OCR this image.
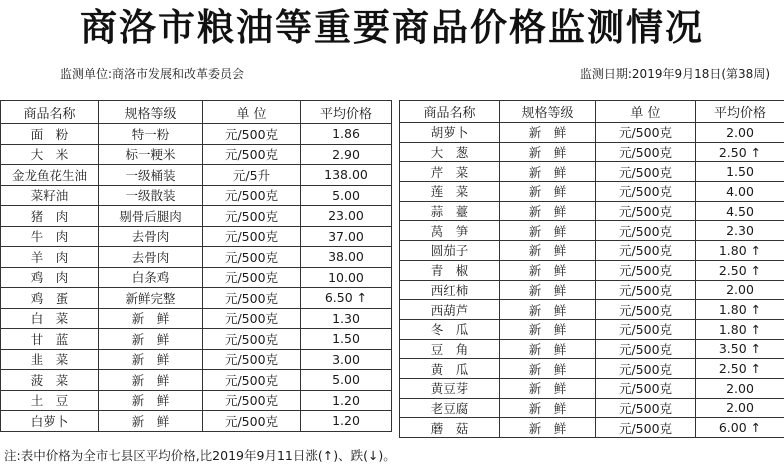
商洛市粮油等重要商品价格监测情况
监测单位:商洛市发展和改革委员会	监测日期:2019年9月18日(第38周)
商品名称	规格等级	单 位	平均价格
面　粉	特一粉	元/500克	1.86
大　米	标一粳米	元/500克	2.90
金龙鱼花生油	一级桶装	元/5升	138.00
菜籽油	一级散装	元/500克	5.00
猪　肉	剔骨后腿肉	元/500克	23.00
牛　肉	去骨肉	元/500克	37.00
羊　肉	去骨肉	元/500克	38.00
鸡　肉	白条鸡	元/500克	10.00
鸡　蛋	新鲜完整	元/500克	6.50 ↑
白　菜	新　鲜	元/500克	1.30
甘　蓝	新　鲜	元/500克	1.50
韭　菜	新　鲜	元/500克	3.00
菠　菜	新　鲜	元/500克	5.00
土　豆	新　鲜	元/500克	1.20
白萝卜	新　鲜	元/500克	1.20
商品名称	规格等级	单 位	平均价格
胡萝卜	新　鲜	元/500克	2.00
大　葱	新　鲜	元/500克	2.50 ↑
芹　菜	新　鲜	元/500克	1.50
莲　菜	新　鲜	元/500克	4.00
蒜　薹	新　鲜	元/500克	4.50
莴　笋	新　鲜	元/500克	2.30
圆茄子	新　鲜	元/500克	1.80 ↑
青　椒	新　鲜	元/500克	2.50 ↑
西红柿	新　鲜	元/500克	2.00
西葫芦	新　鲜	元/500克	1.80 ↑
冬　瓜	新　鲜	元/500克	1.80 ↑
豆　角	新　鲜	元/500克	3.50 ↑
黄　瓜	新　鲜	元/500克	2.50 ↑
黄豆芽	新　鲜	元/500克	2.00
老豆腐	新　鲜	元/500克	2.00
蘑　菇	新　鲜	元/500克	6.00 ↑
注:表中价格为全市七县区平均价格,比2019年9月11日涨(↑)、跌(↓)。
